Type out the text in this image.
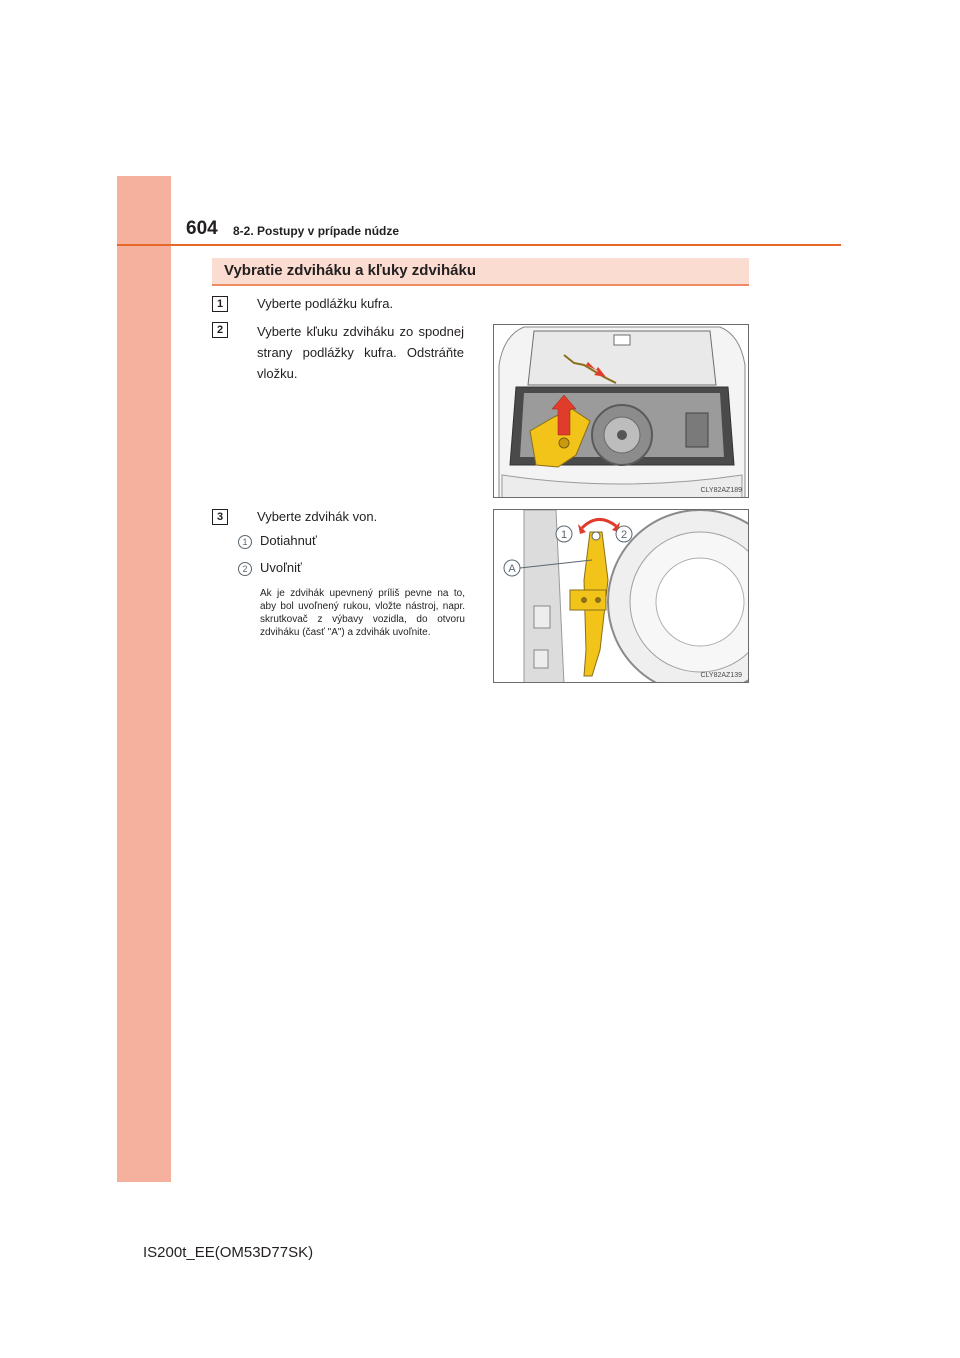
604 8-2. Postupy v prípade núdze
Vybratie zdviháku a kľuky zdviháku
1	Vyberte podlážku kufra.
2	Vyberte kľuku zdviháku zo spodnej strany podlážky kufra. Odstráňte vložku.
CLY82AZ189
3	Vyberte zdvihák von.
1 Dotiahnuť
2 Uvoľniť
Ak je zdvihák upevnený príliš pevne na to, aby bol uvoľnený rukou, vložte nástroj, napr. skrutkovač z výbavy vozidla, do otvoru zdviháku (časť "A") a zdvihák uvoľnite.
1	2
A
CLY82AZ139
IS200t_EE(OM53D77SK)
